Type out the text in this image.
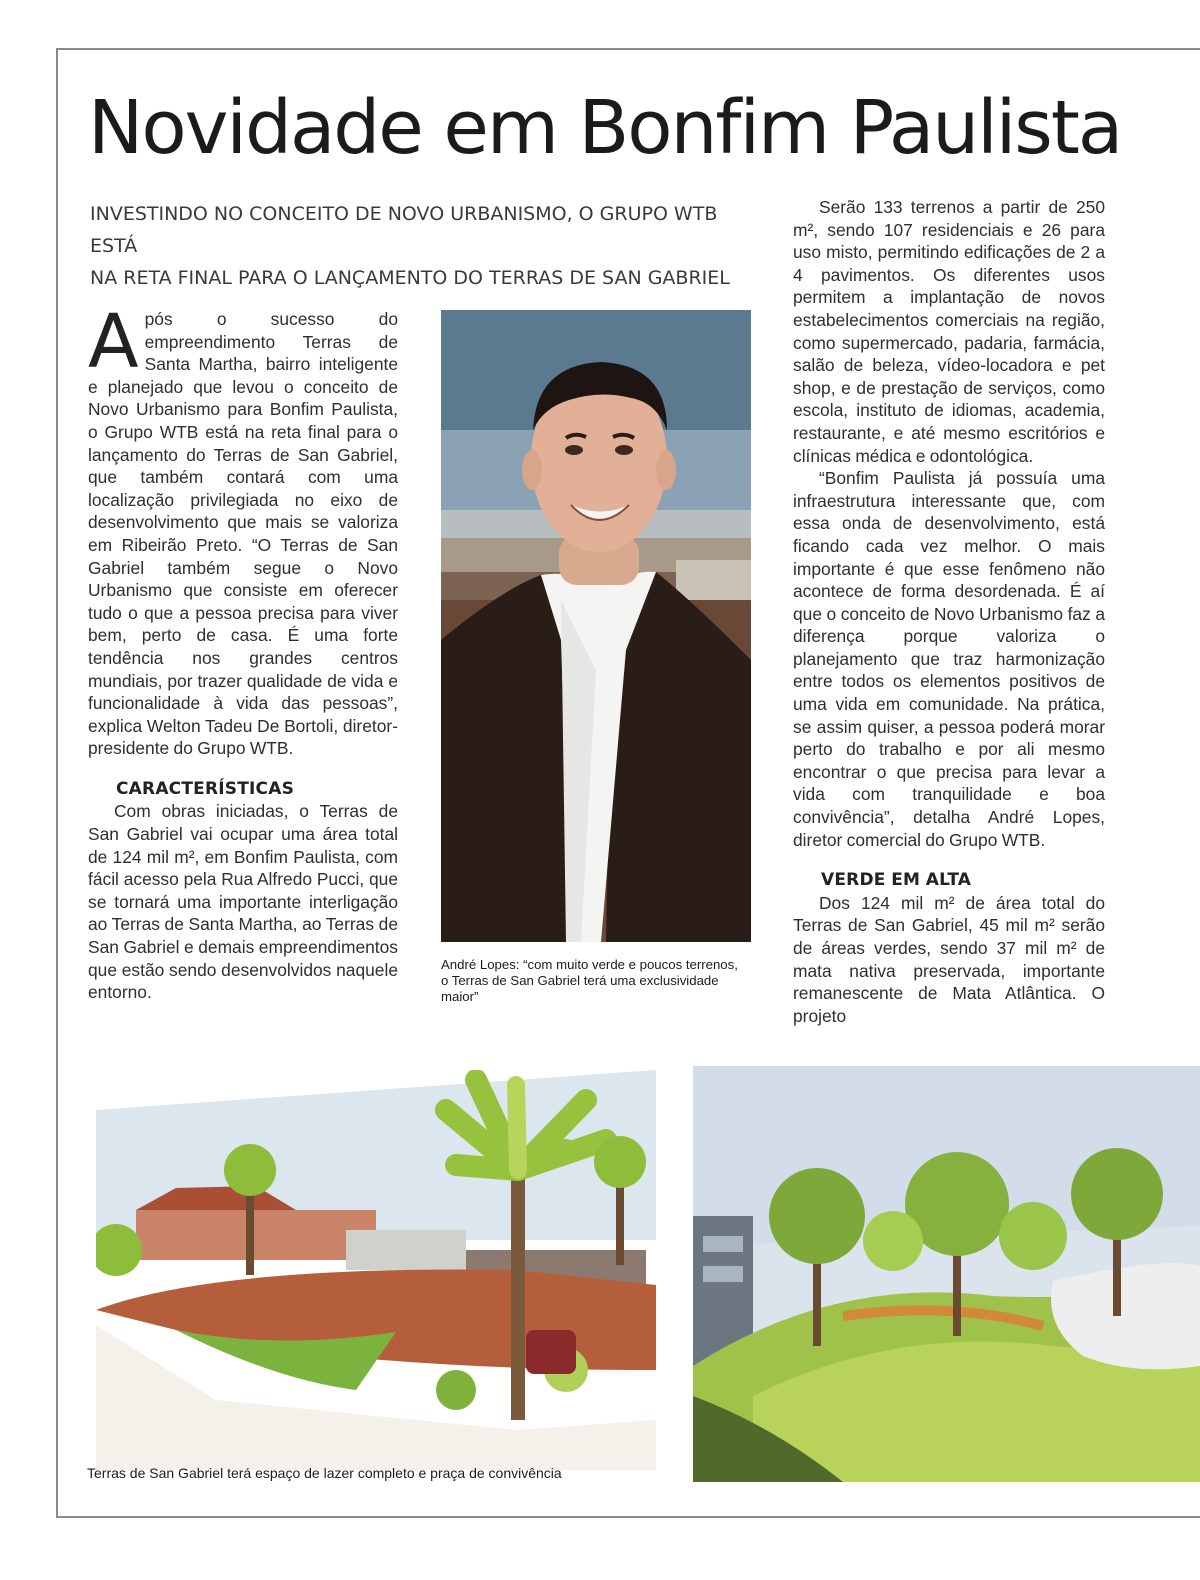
Novidade em Bonfim Paulista
INVESTINDO NO CONCEITO DE NOVO URBANISMO, O GRUPO WTB ESTÁ
NA RETA FINAL PARA O LANÇAMENTO DO TERRAS DE SAN GABRIEL

Após o sucesso do empreendimento Terras de Santa Martha, bairro inteligente e planejado que levou o conceito de Novo Urbanismo para Bonfim Paulista, o Grupo WTB está na reta final para o lançamento do Terras de San Gabriel, que também contará com uma localização privilegiada no eixo de desenvolvimento que mais se valoriza em Ribeirão Preto. “O Terras de San Gabriel também segue o Novo Urbanismo que consiste em oferecer tudo o que a pessoa precisa para viver bem, perto de casa. É uma forte tendência nos grandes centros mundiais, por trazer qualidade de vida e funcionalidade à vida das pessoas”, explica Welton Tadeu De Bortoli, diretor-presidente do Grupo WTB.

CARACTERÍSTICAS

Com obras iniciadas, o Terras de San Gabriel vai ocupar uma área total de 124 mil m², em Bonfim Paulista, com fácil acesso pela Rua Alfredo Pucci, que se tornará uma importante interligação ao Terras de Santa Martha, ao Terras de San Gabriel e demais empreendimentos que estão sendo desenvolvidos naquele entorno.

André Lopes: “com muito verde e poucos terrenos, o Terras de San Gabriel terá uma exclusividade maior”

Serão 133 terrenos a partir de 250 m², sendo 107 residenciais e 26 para uso misto, permitindo edificações de 2 a 4 pavimentos. Os diferentes usos permitem a implantação de novos estabelecimentos comerciais na região, como supermercado, padaria, farmácia, salão de beleza, vídeo-locadora e pet shop, e de prestação de serviços, como escola, instituto de idiomas, academia, restaurante, e até mesmo escritórios e clínicas médica e odontológica.

“Bonfim Paulista já possuía uma infraestrutura interessante que, com essa onda de desenvolvimento, está ficando cada vez melhor. O mais importante é que esse fenômeno não acontece de forma desordenada. É aí que o conceito de Novo Urbanismo faz a diferença porque valoriza o planejamento que traz harmonização entre todos os elementos positivos de uma vida em comunidade. Na prática, se assim quiser, a pessoa poderá morar perto do trabalho e por ali mesmo encontrar o que precisa para levar a vida com tranquilidade e boa convivência”, detalha André Lopes, diretor comercial do Grupo WTB.

VERDE EM ALTA

Dos 124 mil m² de área total do Terras de San Gabriel, 45 mil m² serão de áreas verdes, sendo 37 mil m² de mata nativa preservada, importante remanescente de Mata Atlântica. O projeto

Terras de San Gabriel terá espaço de lazer completo e praça de convivência
